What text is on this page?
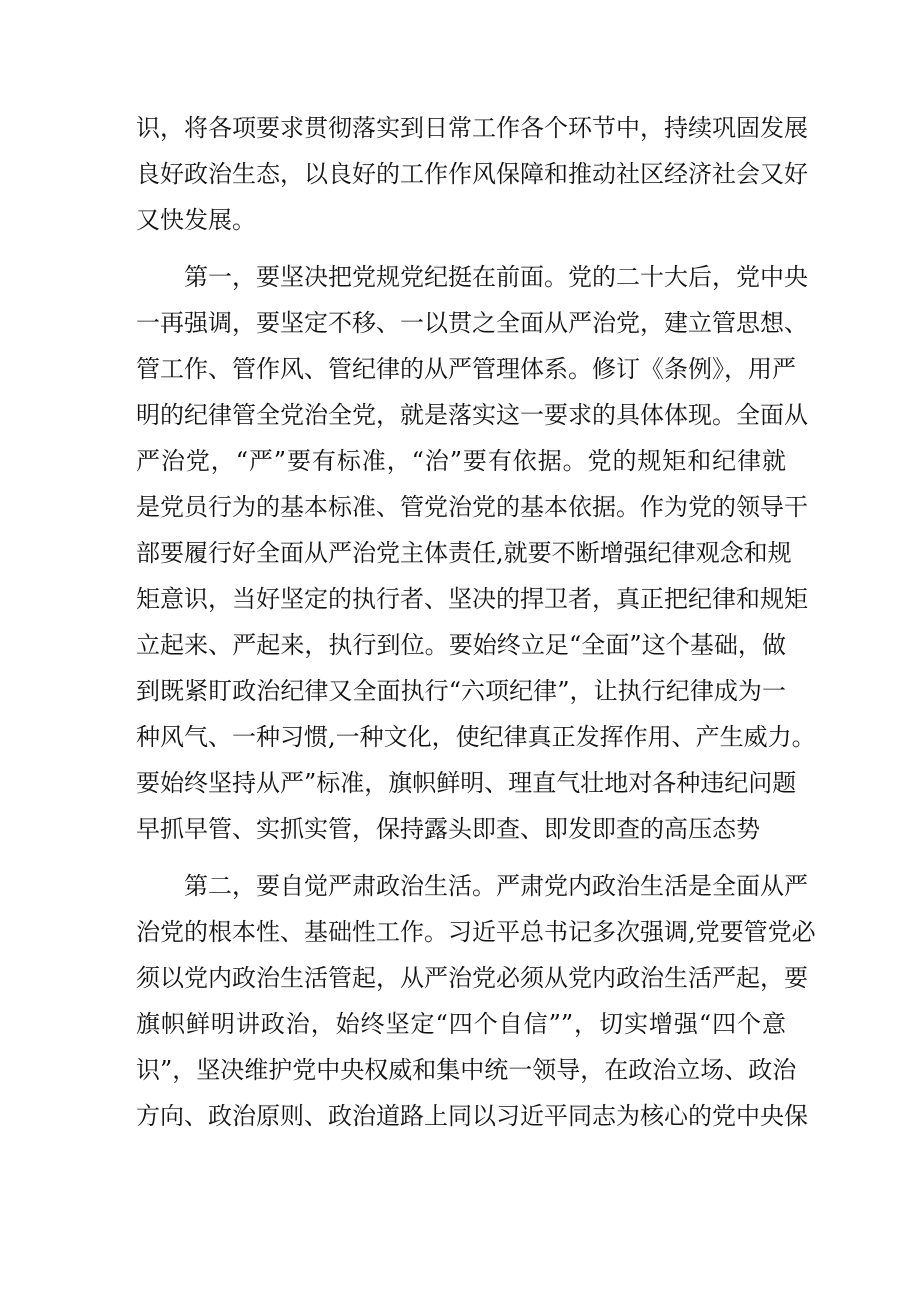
识，将各项要求贯彻落实到日常工作各个环节中，持续巩固发展
良好政治生态，以良好的工作作风保障和推动社区经济社会又好
又快发展。
第一，要坚决把党规党纪挺在前面。党的二十大后，党中央
一再强调，要坚定不移、一以贯之全面从严治党，建立管思想、
管工作、管作风、管纪律的从严管理体系。修订《条例》，用严
明的纪律管全党治全党，就是落实这一要求的具体体现。全面从
严治党，“严”要有标准，“治”要有依据。党的规矩和纪律就
是党员行为的基本标准、管党治党的基本依据。作为党的领导干
部要履行好全面从严治党主体责任,就要不断增强纪律观念和规
矩意识，当好坚定的执行者、坚决的捍卫者，真正把纪律和规矩
立起来、严起来，执行到位。要始终立足“全面”这个基础，做
到既紧盯政治纪律又全面执行“六项纪律”，让执行纪律成为一
种风气、一种习惯,一种文化，使纪律真正发挥作用、产生威力。
要始终坚持从严”标准，旗帜鲜明、理直气壮地对各种违纪问题
早抓早管、实抓实管，保持露头即查、即发即查的高压态势
第二，要自觉严肃政治生活。严肃党内政治生活是全面从严
治党的根本性、基础性工作。习近平总书记多次强调,党要管党必
须以党内政治生活管起，从严治党必须从党内政治生活严起，要
旗帜鲜明讲政治，始终坚定“四个自信””，切实增强“四个意
识”，坚决维护党中央权威和集中统一领导，在政治立场、政治
方向、政治原则、政治道路上同以习近平同志为核心的党中央保
